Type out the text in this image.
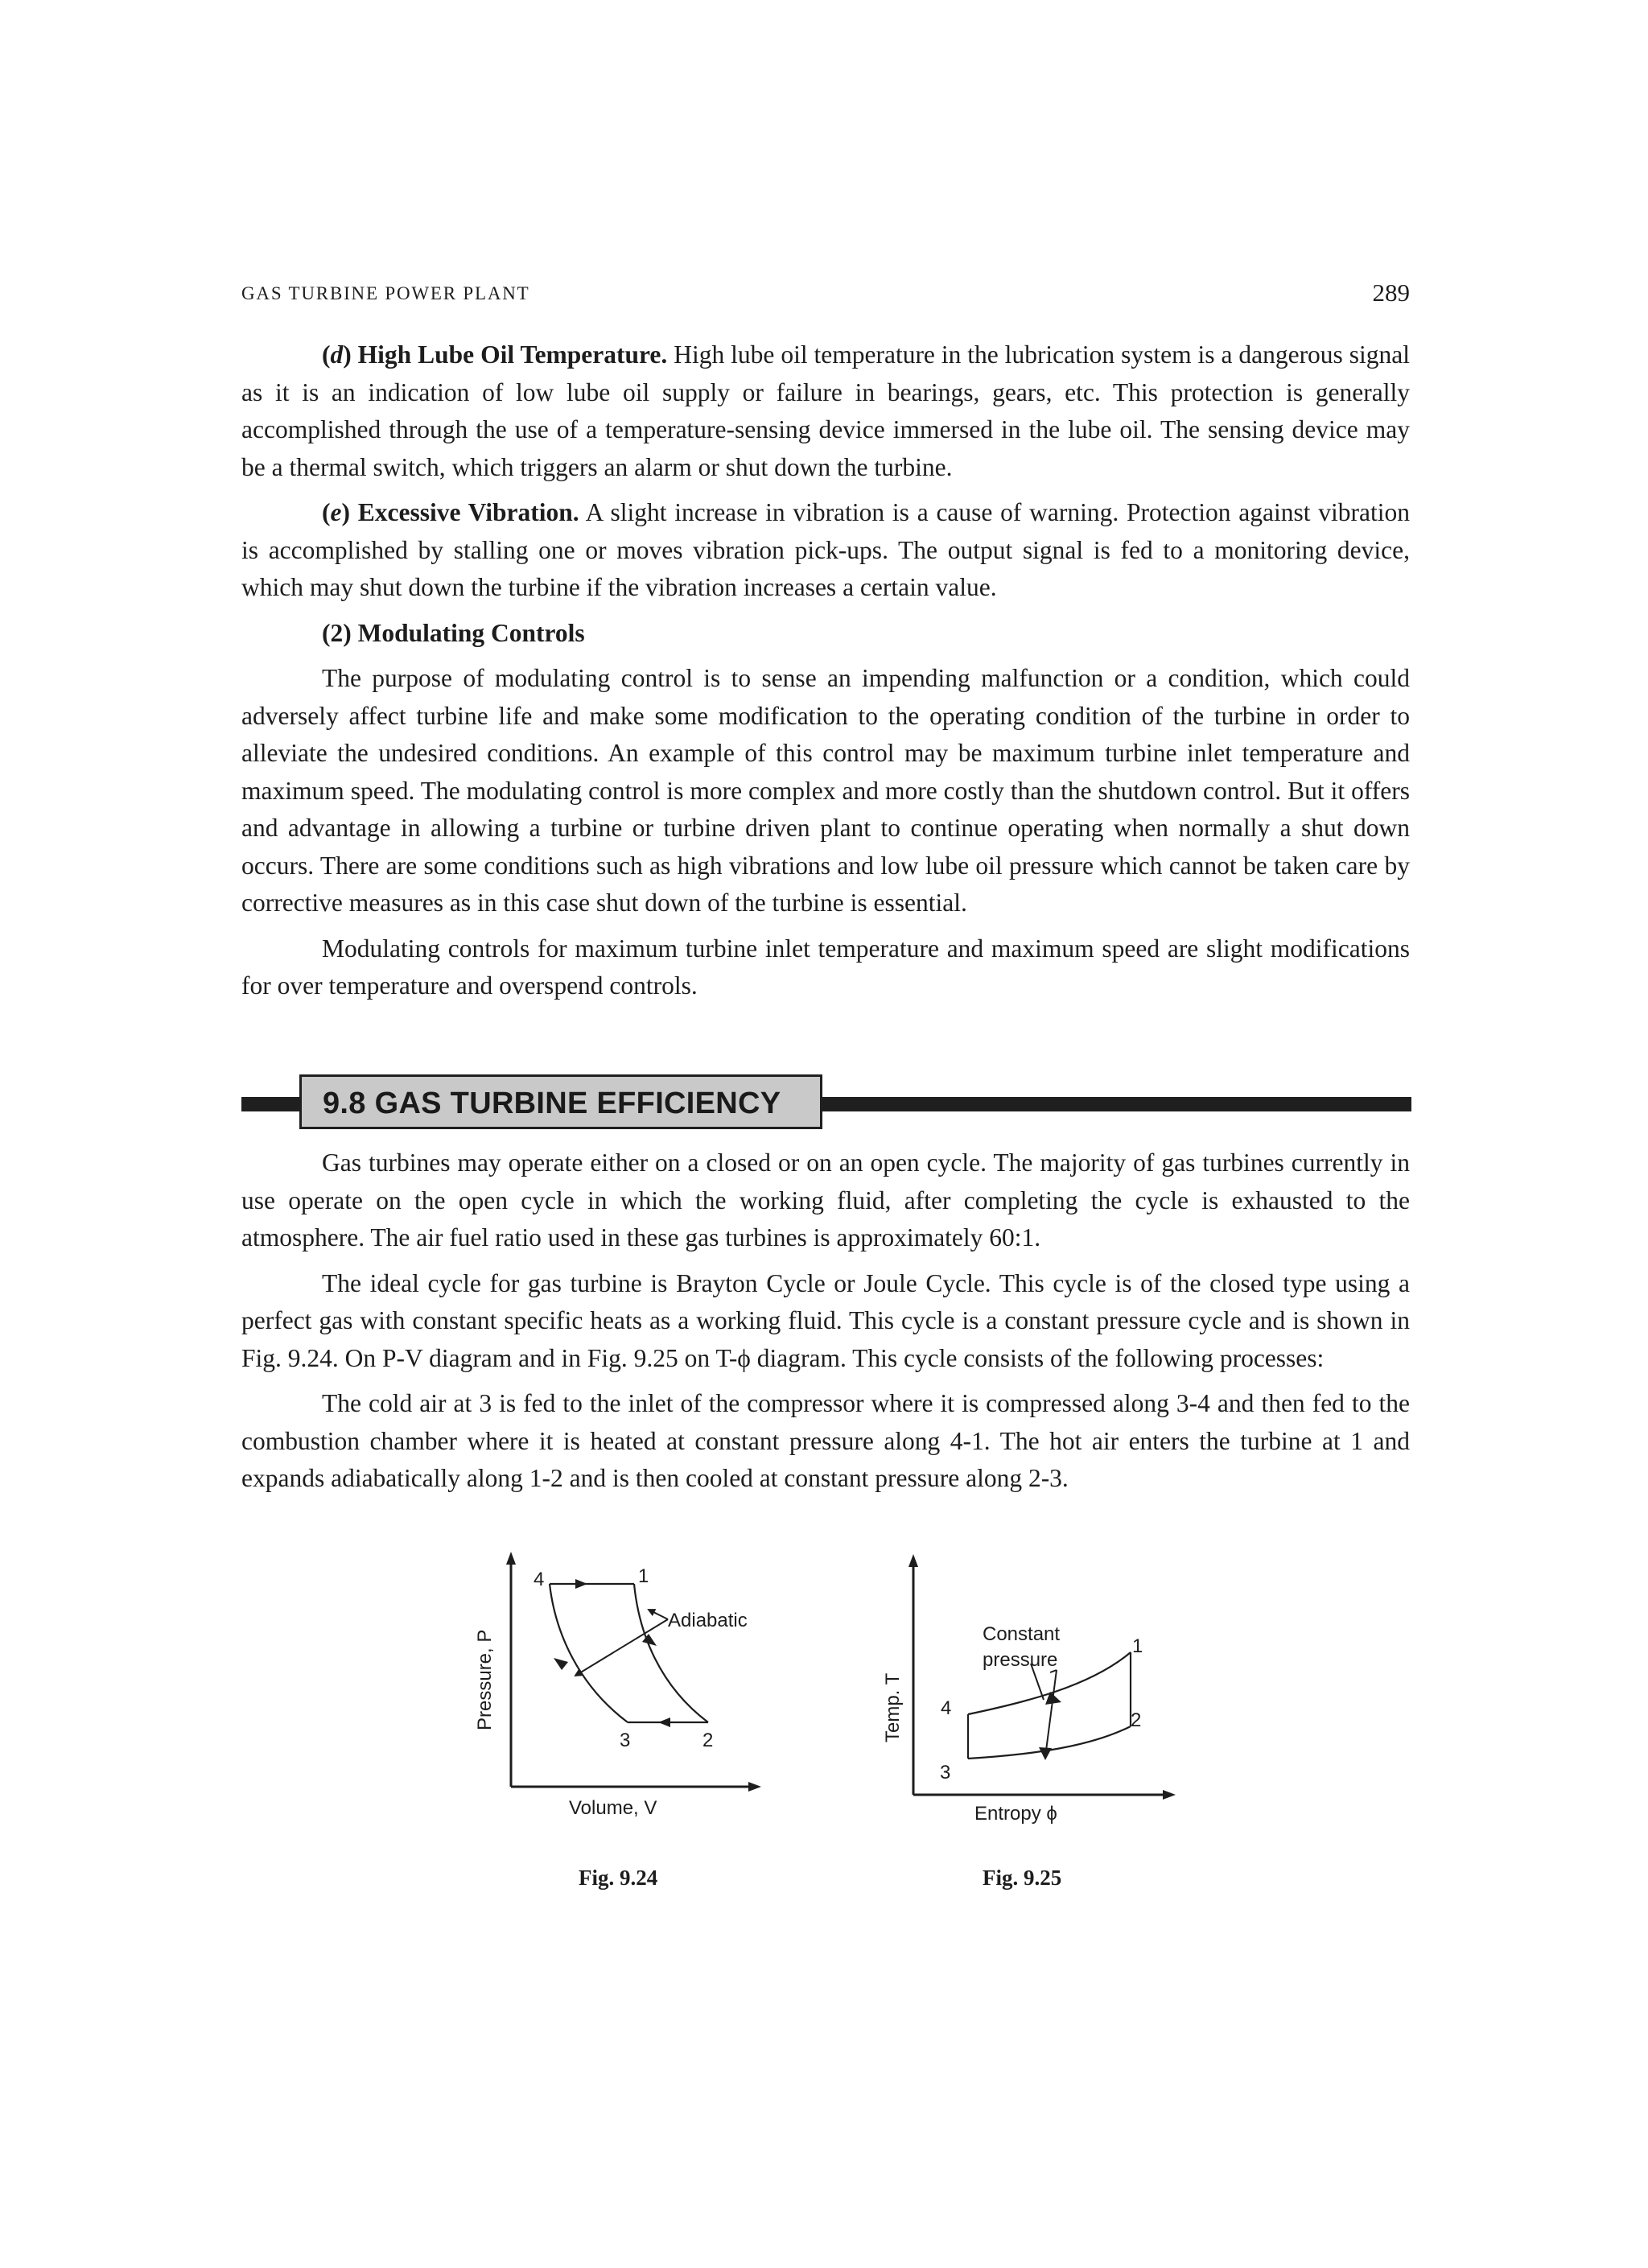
GAS TURBINE POWER PLANT	289

(d) High Lube Oil Temperature. High lube oil temperature in the lubrication system is a dangerous signal as it is an indication of low lube oil supply or failure in bearings, gears, etc. This protection is generally accomplished through the use of a temperature-sensing device immersed in the lube oil. The sensing device may be a thermal switch, which triggers an alarm or shut down the turbine.

(e) Excessive Vibration. A slight increase in vibration is a cause of warning. Protection against vibration is accomplished by stalling one or moves vibration pick-ups. The output signal is fed to a monitoring device, which may shut down the turbine if the vibration increases a certain value.

(2) Modulating Controls

The purpose of modulating control is to sense an impending malfunction or a condition, which could adversely affect turbine life and make some modification to the operating condition of the turbine in order to alleviate the undesired conditions. An example of this control may be maximum turbine inlet temperature and maximum speed. The modulating control is more complex and more costly than the shutdown control. But it offers and advantage in allowing a turbine or turbine driven plant to continue operating when normally a shut down occurs. There are some conditions such as high vibrations and low lube oil pressure which cannot be taken care by corrective measures as in this case shut down of the turbine is essential.

Modulating controls for maximum turbine inlet temperature and maximum speed are slight modifications for over temperature and overspend controls.

9.8 GAS TURBINE EFFICIENCY

Gas turbines may operate either on a closed or on an open cycle. The majority of gas turbines currently in use operate on the open cycle in which the working fluid, after completing the cycle is exhausted to the atmosphere. The air fuel ratio used in these gas turbines is approximately 60:1.

The ideal cycle for gas turbine is Brayton Cycle or Joule Cycle. This cycle is of the closed type using a perfect gas with constant specific heats as a working fluid. This cycle is a constant pressure cycle and is shown in Fig. 9.24. On P-V diagram and in Fig. 9.25 on T-ϕ diagram. This cycle consists of the following processes:

The cold air at 3 is fed to the inlet of the compressor where it is compressed along 3-4 and then fed to the combustion chamber where it is heated at constant pressure along 4-1. The hot air enters the turbine at 1 and expands adiabatically along 1-2 and is then cooled at constant pressure along 2-3.

4	1
3	2
Adiabatic
Pressure, P
Volume, V
Constant
pressure
1
2
3
4
Temp. T
Entropy ϕ
Fig. 9.24	Fig. 9.25
